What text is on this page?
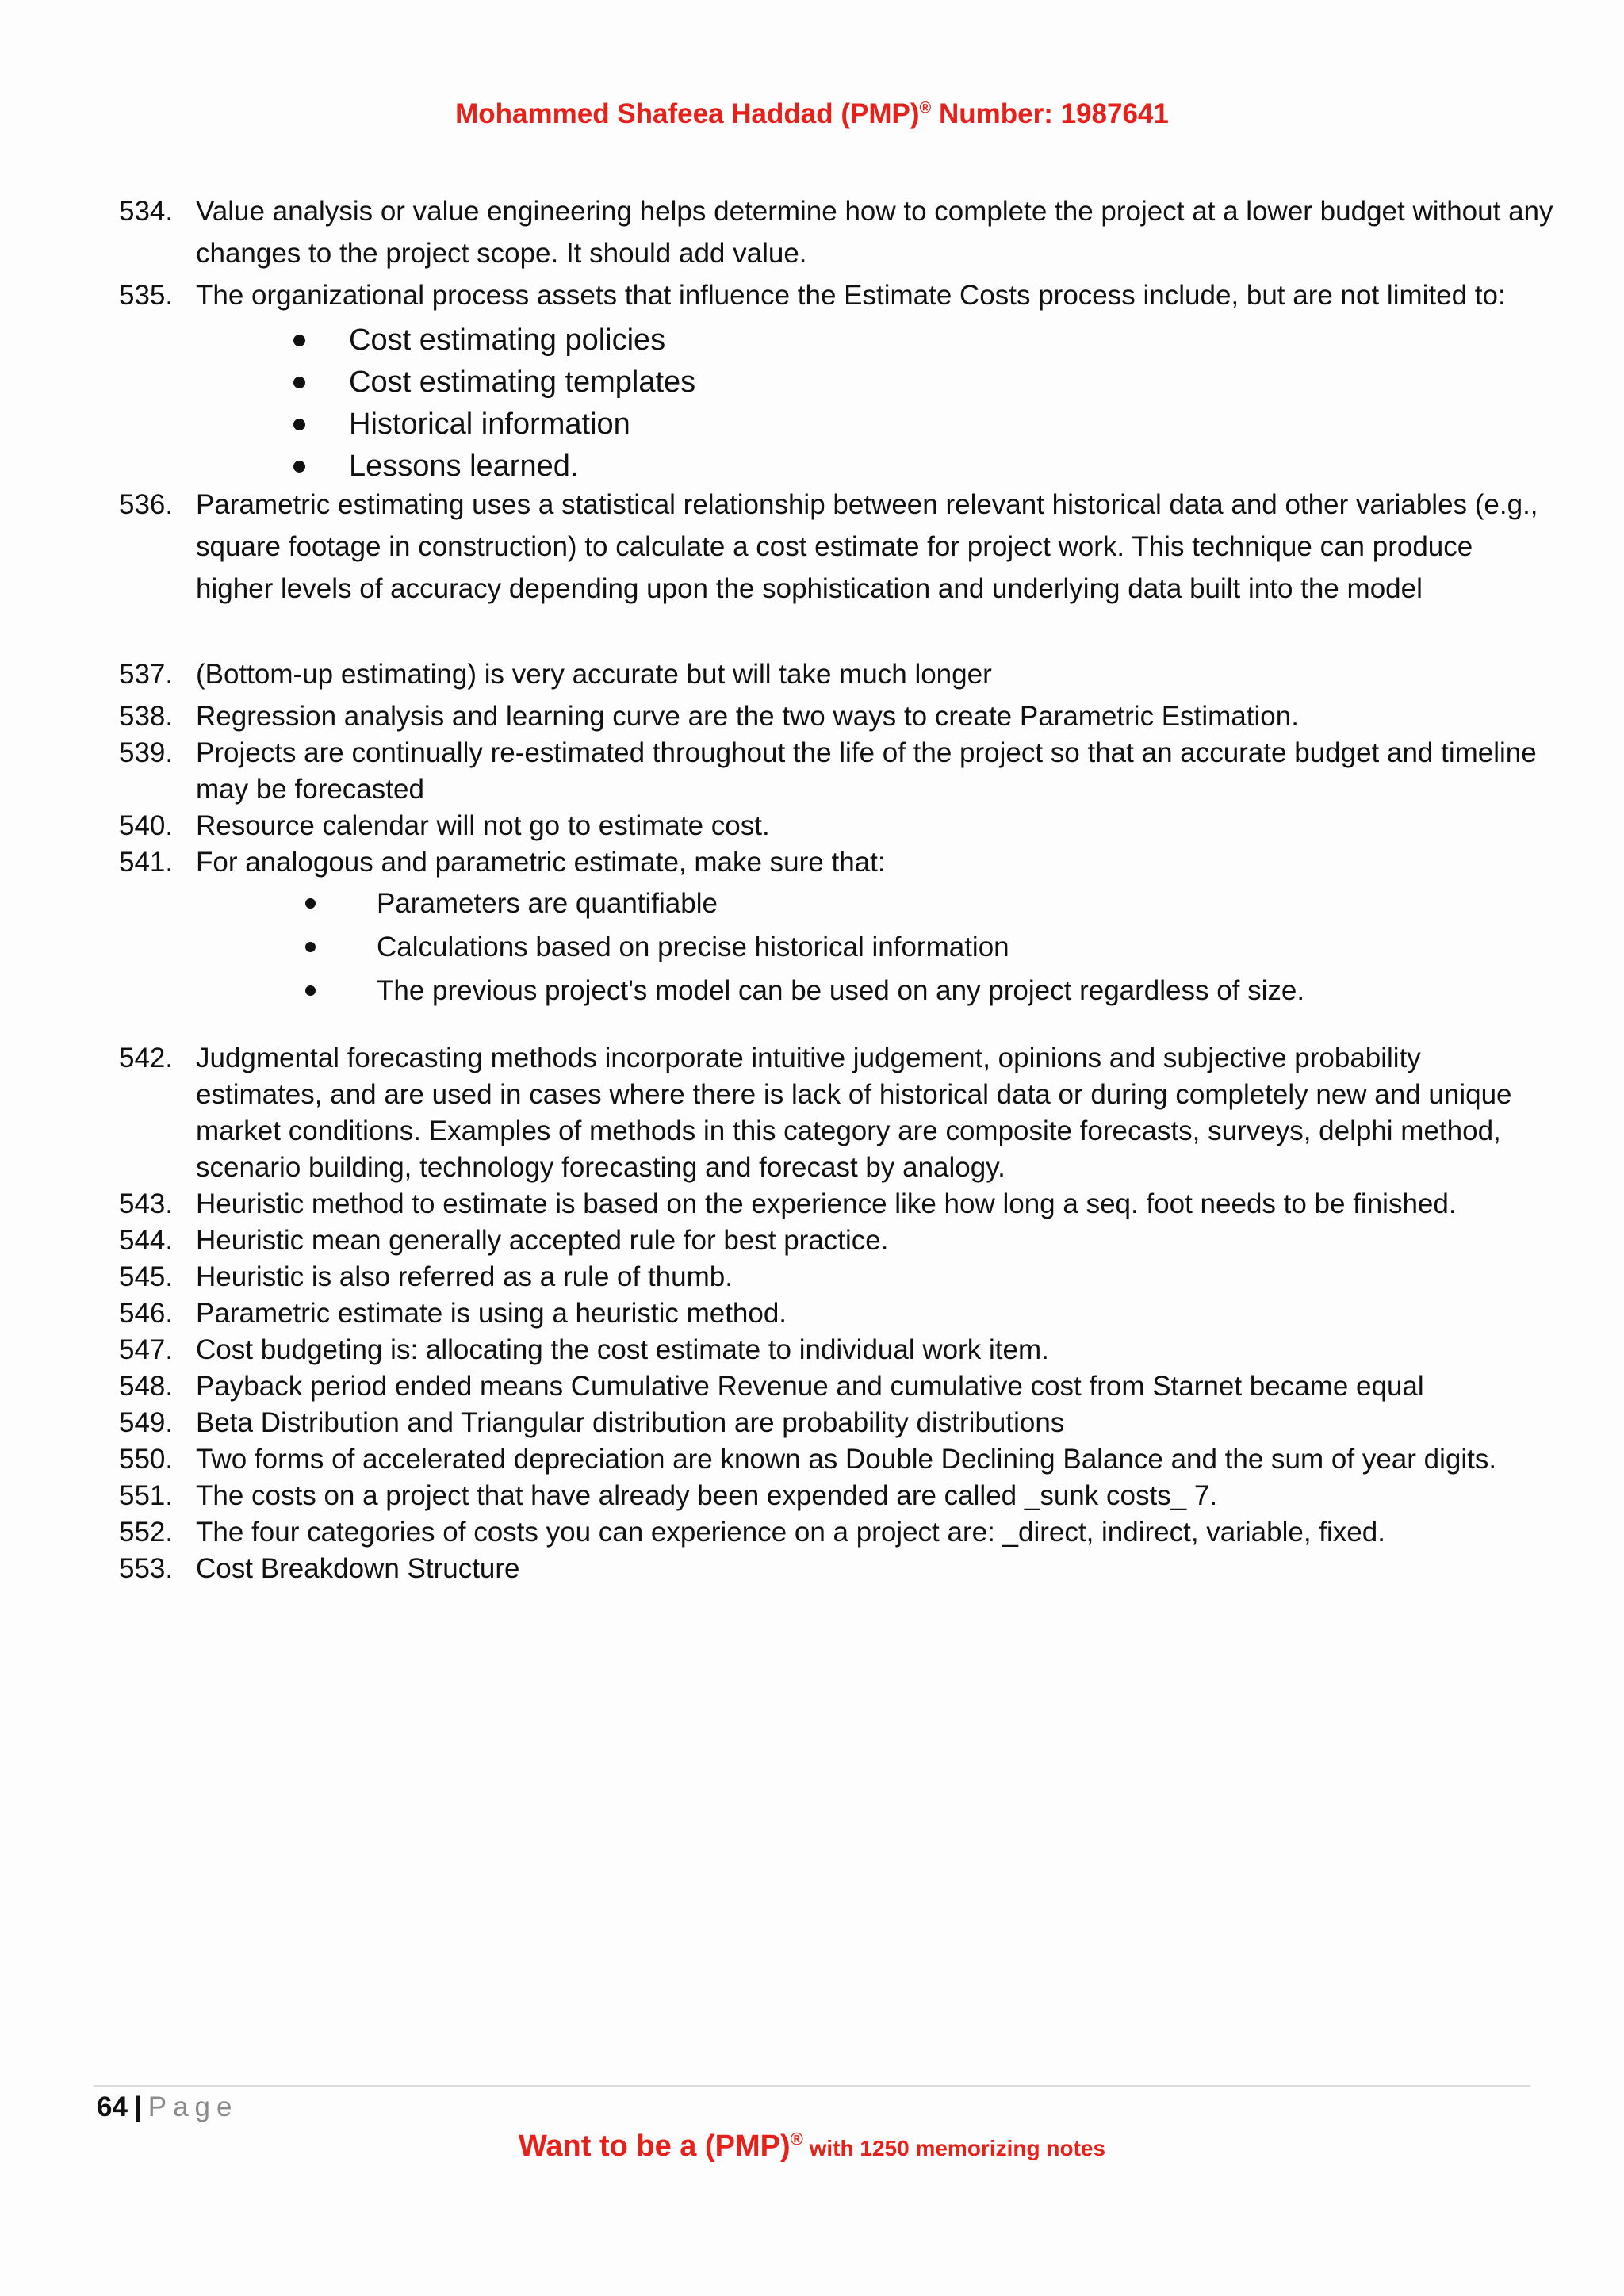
Mohammed Shafeea Haddad (PMP)® Number: 1987641
534. Value analysis or value engineering helps determine how to complete the project at a lower budget without any changes to the project scope. It should add value.
535. The organizational process assets that influence the Estimate Costs process include, but are not limited to:
Cost estimating policies
Cost estimating templates
Historical information
Lessons learned.
536. Parametric estimating uses a statistical relationship between relevant historical data and other variables (e.g., square footage in construction) to calculate a cost estimate for project work. This technique can produce higher levels of accuracy depending upon the sophistication and underlying data built into the model
537. (Bottom-up estimating) is very accurate but will take much longer
538. Regression analysis and learning curve are the two ways to create Parametric Estimation.
539. Projects are continually re-estimated throughout the life of the project so that an accurate budget and timeline may be forecasted
540. Resource calendar will not go to estimate cost.
541. For analogous and parametric estimate, make sure that:
Parameters are quantifiable
Calculations based on precise historical information
The previous project's model can be used on any project regardless of size.
542. Judgmental forecasting methods incorporate intuitive judgement, opinions and subjective probability estimates, and are used in cases where there is lack of historical data or during completely new and unique market conditions. Examples of methods in this category are composite forecasts, surveys, delphi method, scenario building, technology forecasting and forecast by analogy.
543. Heuristic method to estimate is based on the experience like how long a seq. foot needs to be finished.
544. Heuristic mean generally accepted rule for best practice.
545. Heuristic is also referred as a rule of thumb.
546. Parametric estimate is using a heuristic method.
547. Cost budgeting is: allocating the cost estimate to individual work item.
548. Payback period ended means Cumulative Revenue and cumulative cost from Starnet became equal
549. Beta Distribution and Triangular distribution are probability distributions
550. Two forms of accelerated depreciation are known as Double Declining Balance and the sum of year digits.
551. The costs on a project that have already been expended are called _sunk costs_ 7.
552. The four categories of costs you can experience on a project are: _direct, indirect, variable, fixed.
553. Cost Breakdown Structure
64 | Page
Want to be a (PMP)® with 1250 memorizing notes
